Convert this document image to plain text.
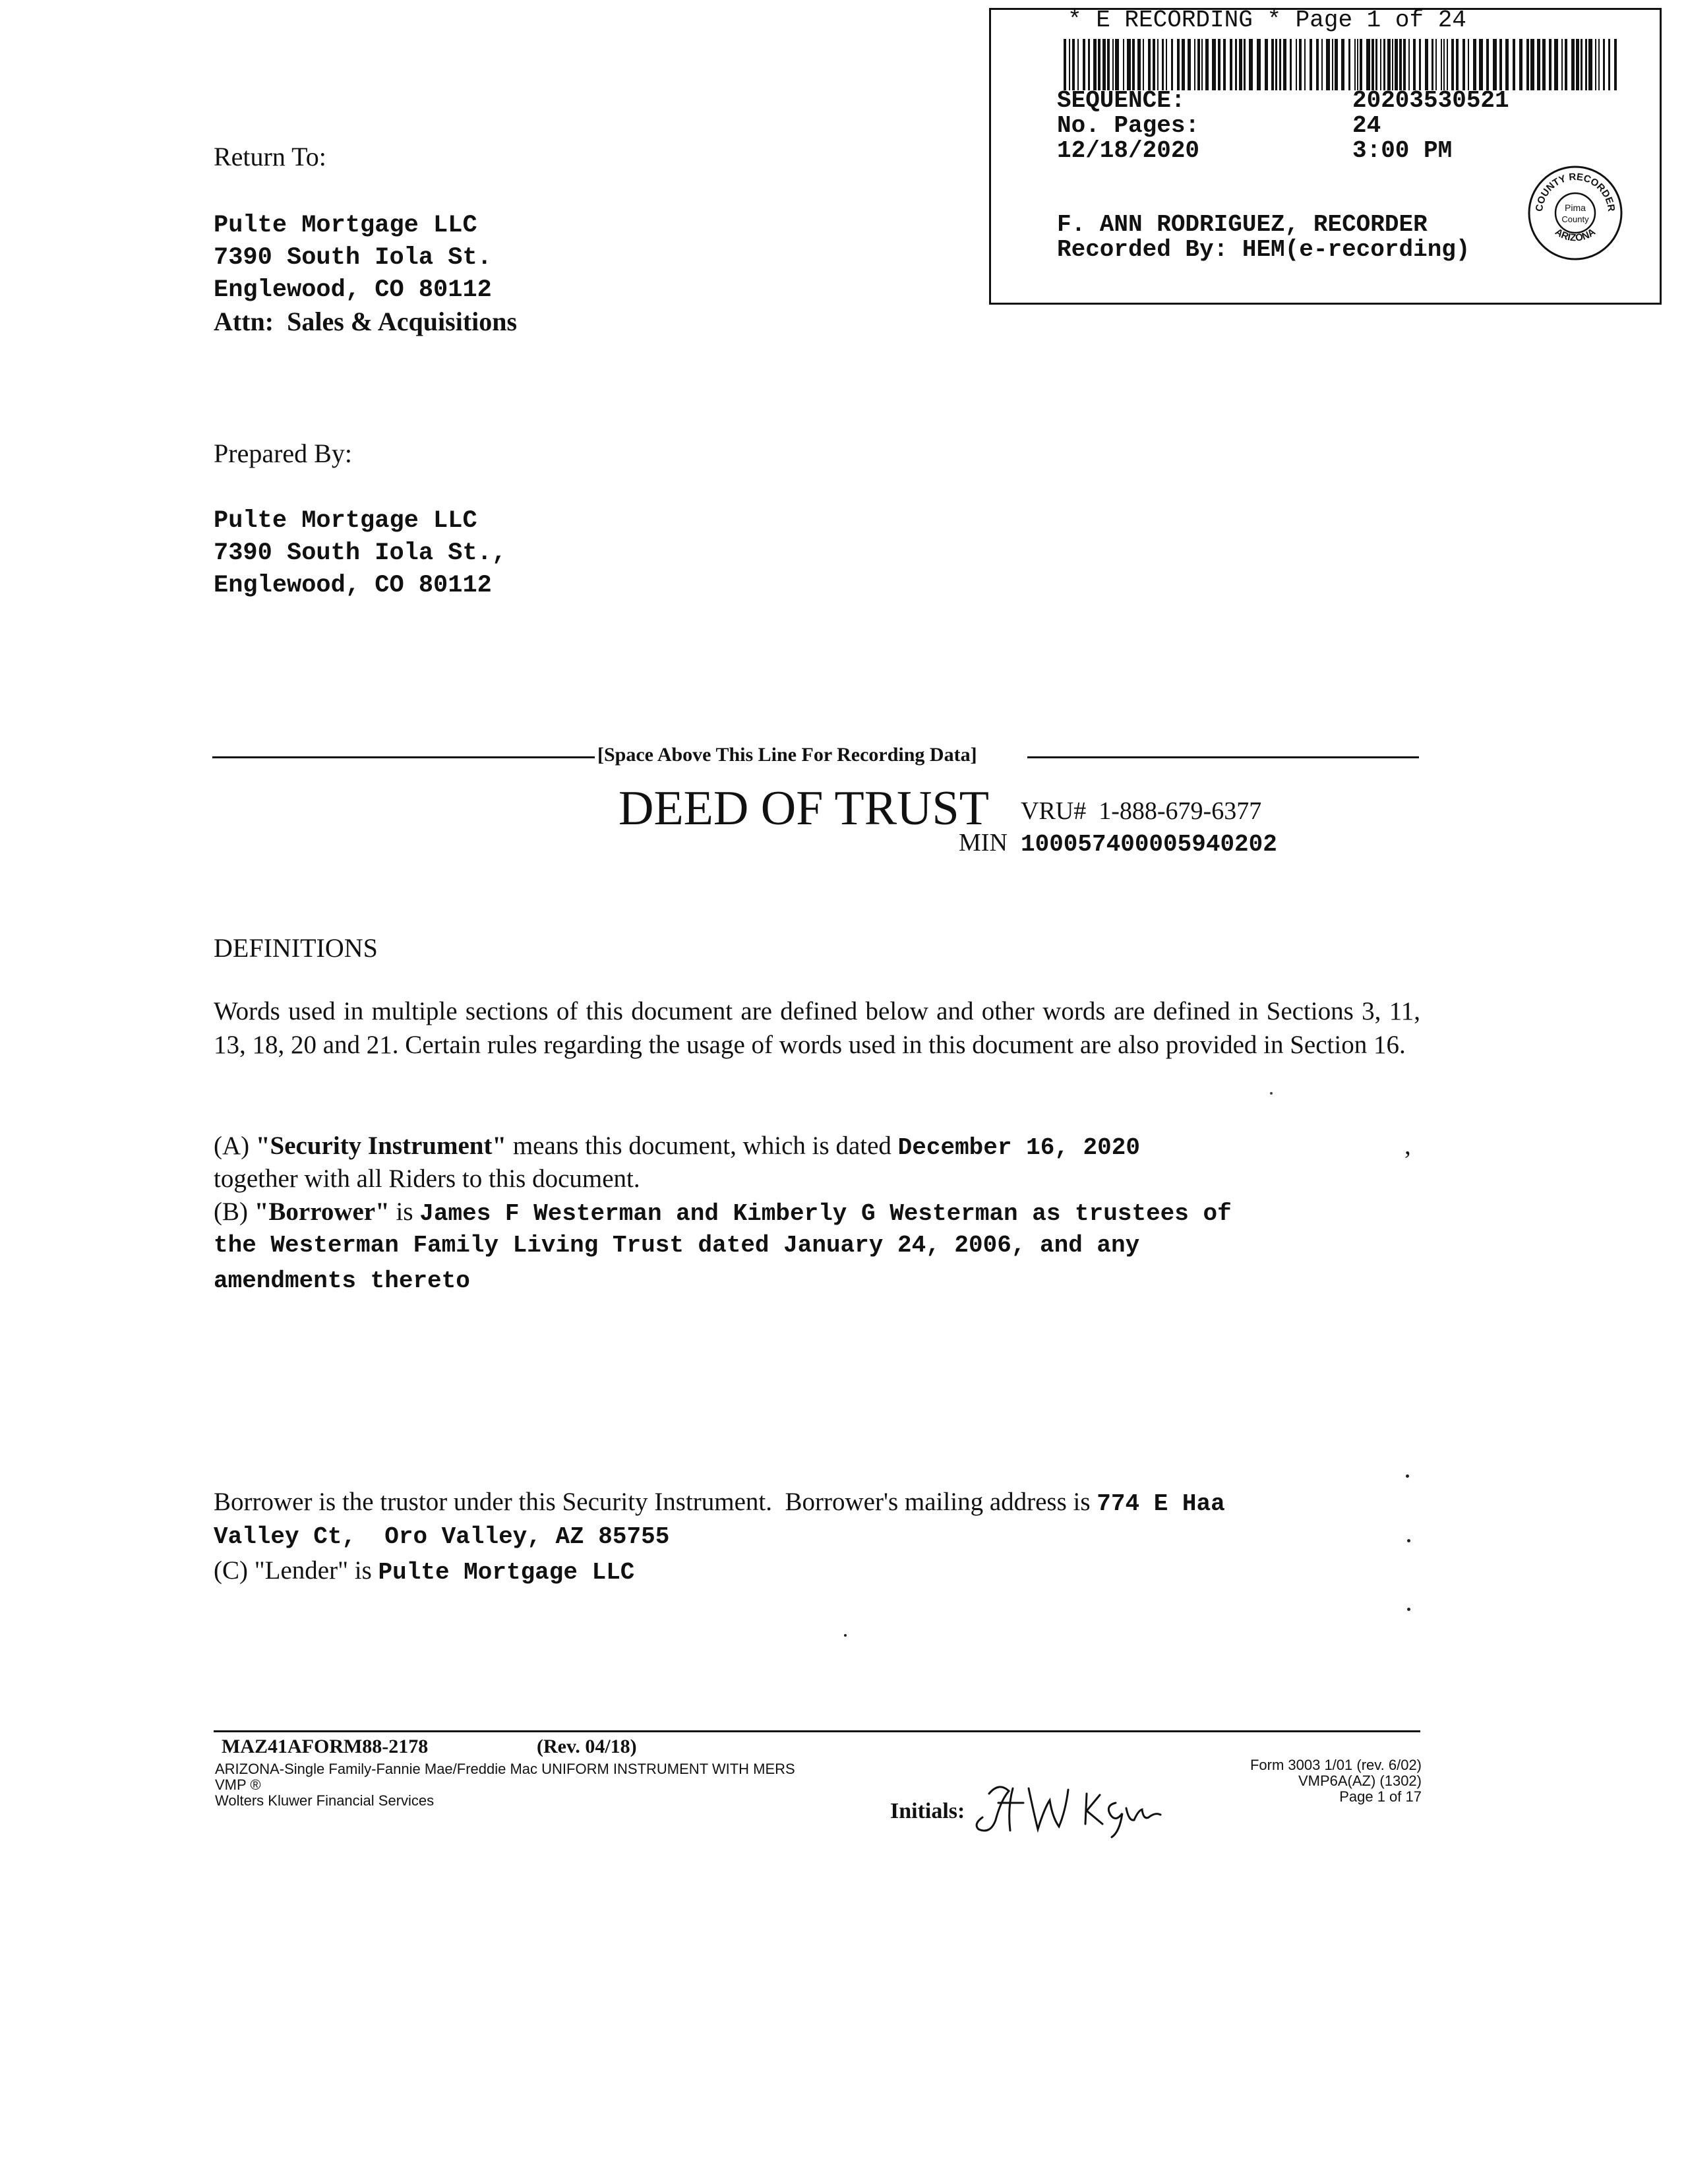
* E RECORDING * Page 1 of 24
SEQUENCE:	20203530521
No. Pages:	24
12/18/2020	3:00 PM
F. ANN RODRIGUEZ, RECORDER
Recorded By: HEM(e-recording)
COUNTY RECORDER
ARIZONA
Pima
County
Return To:
Pulte Mortgage LLC
7390 South Iola St.
Englewood, CO 80112
Attn:  Sales & Acquisitions
Prepared By:
Pulte Mortgage LLC
7390 South Iola St.,
Englewood, CO 80112
[Space Above This Line For Recording Data]
DEED OF TRUST VRU#  1-888-679-6377
MIN 100057400005940202
DEFINITIONS
Words used in multiple sections of this document are defined below and other words are defined in Sections 3, 11, 13, 18, 20 and 21. Certain rules regarding the usage of words used in this document are also provided in Section 16.
(A) "Security Instrument" means this document, which is dated December 16, 2020	,
together with all Riders to this document.
(B) "Borrower" is James F Westerman and Kimberly G Westerman as trustees of
the Westerman Family Living Trust dated January 24, 2006, and any
amendments thereto
Borrower is the trustor under this Security Instrument.  Borrower's mailing address is 774 E Haa
Valley Ct,  Oro Valley, AZ 85755
(C) "Lender" is Pulte Mortgage LLC
MAZ41AFORM88-2178	(Rev. 04/18)
ARIZONA-Single Family-Fannie Mae/Freddie Mac UNIFORM INSTRUMENT WITH MERS
VMP ®
Wolters Kluwer Financial Services	Initials:
Form 3003 1/01 (rev. 6/02)
VMP6A(AZ) (1302)
Page 1 of 17
